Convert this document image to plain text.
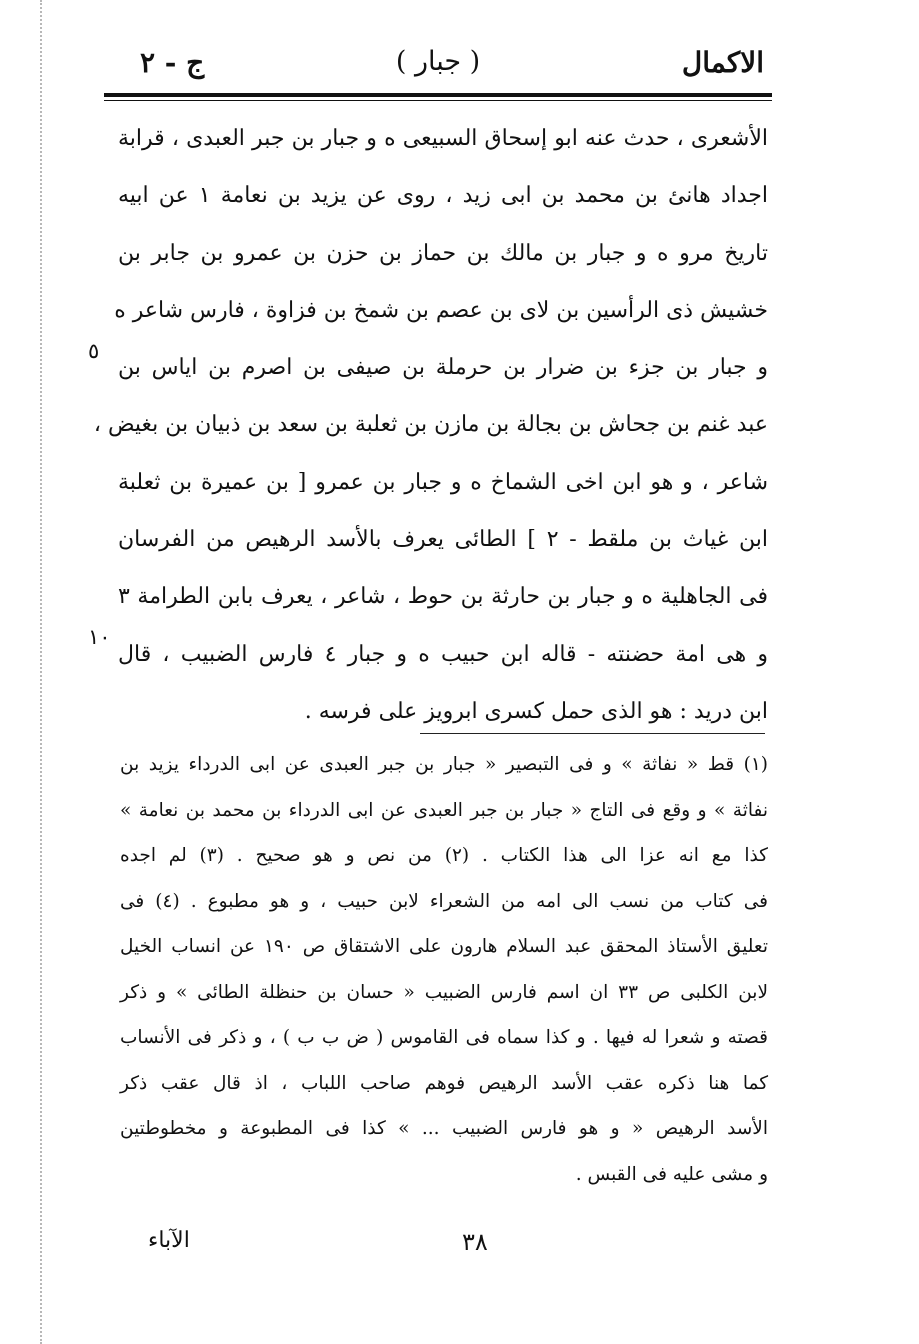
الاكمال
( جبار )
ج - ٢
الأشعرى ، حدث عنه ابو إسحاق السبيعى ه و جبار بن جبر العبدى ، قرابة
اجداد هانئ بن محمد بن ابى زيد ، روى عن يزيد بن نعامة ١ عن ابيه
تاريخ مرو ه و جبار بن مالك بن حماز بن حزن بن عمرو بن جابر بن
خشيش ذى الرأسين بن لاى بن عصم بن شمخ بن فزاوة ، فارس شاعر ه
و جبار بن جزء بن ضرار بن حرملة بن صيفى بن اصرم بن اياس بن
عبد غنم بن جحاش بن بجالة بن مازن بن ثعلبة بن سعد بن ذبيان بن بغيض ،
شاعر ، و هو ابن اخى الشماخ ه و جبار بن عمرو [ بن عميرة بن ثعلبة
ابن غياث بن ملقط - ٢ ] الطائى يعرف بالأسد الرهيص من الفرسان
فى الجاهلية ه و جبار بن حارثة بن حوط ، شاعر ، يعرف بابن الطرامة ٣
و هى امة حضنته - قاله ابن حبيب ه و جبار ٤ فارس الضبيب ، قال
ابن دريد : هو الذى حمل كسرى ابرويز على فرسه .
٥
١٠
(١) قط « نفاثة » و فى التبصير « جبار بن جبر العبدى عن ابى الدرداء يزيد بن
نفاثة » و وقع فى التاج « جبار بن جبر العبدى عن ابى الدرداء بن محمد بن نعامة »
كذا مع انه عزا الى هذا الكتاب . (٢) من نص و هو صحيح . (٣) لم اجده
فى كتاب من نسب الى امه من الشعراء لابن حبيب ، و هو مطبوع . (٤) فى
تعليق الأستاذ المحقق عبد السلام هارون على الاشتقاق ص ١٩٠ عن انساب الخيل
لابن الكلبى ص ٣٣ ان اسم فارس الضبيب « حسان بن حنظلة الطائى » و ذكر
قصته و شعرا له فيها . و كذا سماه فى القاموس ( ض ب ب ) ، و ذكر فى الأنساب
كما هنا ذكره عقب الأسد الرهيص فوهم صاحب اللباب ، اذ قال عقب ذكر
الأسد الرهيص « و هو فارس الضبيب ... » كذا فى المطبوعة و مخطوطتين
و مشى عليه فى القبس .
الآباء	٣٨
